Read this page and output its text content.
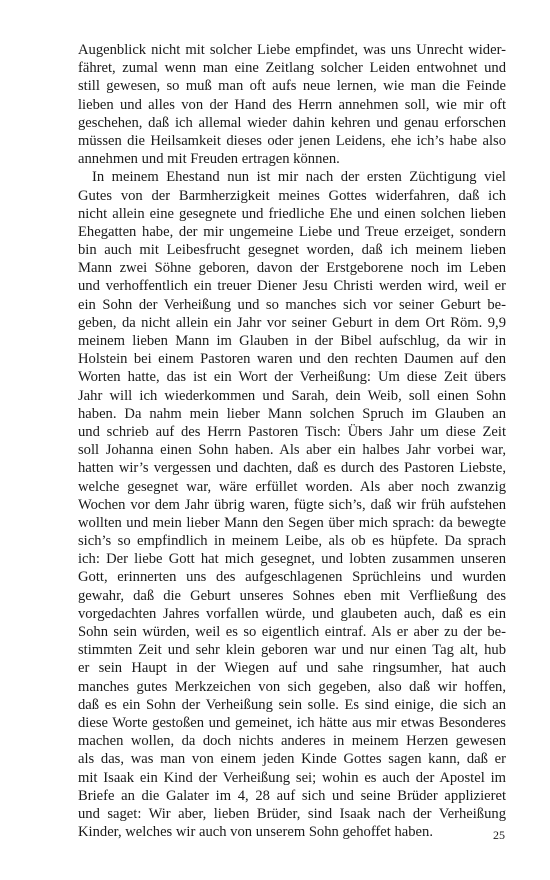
Augenblick nicht mit solcher Liebe empfindet, was uns Unrecht wider-
fähret, zumal wenn man eine Zeitlang solcher Leiden entwohnet und
still gewesen, so muß man oft aufs neue lernen, wie man die Feinde
lieben und alles von der Hand des Herrn annehmen soll, wie mir oft
geschehen, daß ich allemal wieder dahin kehren und genau erforschen
müssen die Heilsamkeit dieses oder jenen Leidens, ehe ich’s habe also
annehmen und mit Freuden ertragen können.
In meinem Ehestand nun ist mir nach der ersten Züchtigung viel
Gutes von der Barmherzigkeit meines Gottes widerfahren, daß ich
nicht allein eine gesegnete und friedliche Ehe und einen solchen lieben
Ehegatten habe, der mir ungemeine Liebe und Treue erzeiget, sondern
bin auch mit Leibesfrucht gesegnet worden, daß ich meinem lieben
Mann zwei Söhne geboren, davon der Erstgeborene noch im Leben
und verhoffentlich ein treuer Diener Jesu Christi werden wird, weil er
ein Sohn der Verheißung und so manches sich vor seiner Geburt be-
geben, da nicht allein ein Jahr vor seiner Geburt in dem Ort Röm. 9,9
meinem lieben Mann im Glauben in der Bibel aufschlug, da wir in
Holstein bei einem Pastoren waren und den rechten Daumen auf den
Worten hatte, das ist ein Wort der Verheißung: Um diese Zeit übers
Jahr will ich wiederkommen und Sarah, dein Weib, soll einen Sohn
haben. Da nahm mein lieber Mann solchen Spruch im Glauben an
und schrieb auf des Herrn Pastoren Tisch: Übers Jahr um diese Zeit
soll Johanna einen Sohn haben. Als aber ein halbes Jahr vorbei war,
hatten wir’s vergessen und dachten, daß es durch des Pastoren Liebste,
welche gesegnet war, wäre erfüllet worden. Als aber noch zwanzig
Wochen vor dem Jahr übrig waren, fügte sich’s, daß wir früh aufstehen
wollten und mein lieber Mann den Segen über mich sprach: da bewegte
sich’s so empfindlich in meinem Leibe, als ob es hüpfete. Da sprach
ich: Der liebe Gott hat mich gesegnet, und lobten zusammen unseren
Gott, erinnerten uns des aufgeschlagenen Sprüchleins und wurden
gewahr, daß die Geburt unseres Sohnes eben mit Verfließung des
vorgedachten Jahres vorfallen würde, und glaubeten auch, daß es ein
Sohn sein würden, weil es so eigentlich eintraf. Als er aber zu der be-
stimmten Zeit und sehr klein geboren war und nur einen Tag alt, hub
er sein Haupt in der Wiegen auf und sahe ringsumher, hat auch
manches gutes Merkzeichen von sich gegeben, also daß wir hoffen,
daß es ein Sohn der Verheißung sein solle. Es sind einige, die sich an
diese Worte gestoßen und gemeinet, ich hätte aus mir etwas Besonderes
machen wollen, da doch nichts anderes in meinem Herzen gewesen
als das, was man von einem jeden Kinde Gottes sagen kann, daß er
mit Isaak ein Kind der Verheißung sei; wohin es auch der Apostel im
Briefe an die Galater im 4, 28 auf sich und seine Brüder applizieret
und saget: Wir aber, lieben Brüder, sind Isaak nach der Verheißung
Kinder, welches wir auch von unserem Sohn gehoffet haben.	25
